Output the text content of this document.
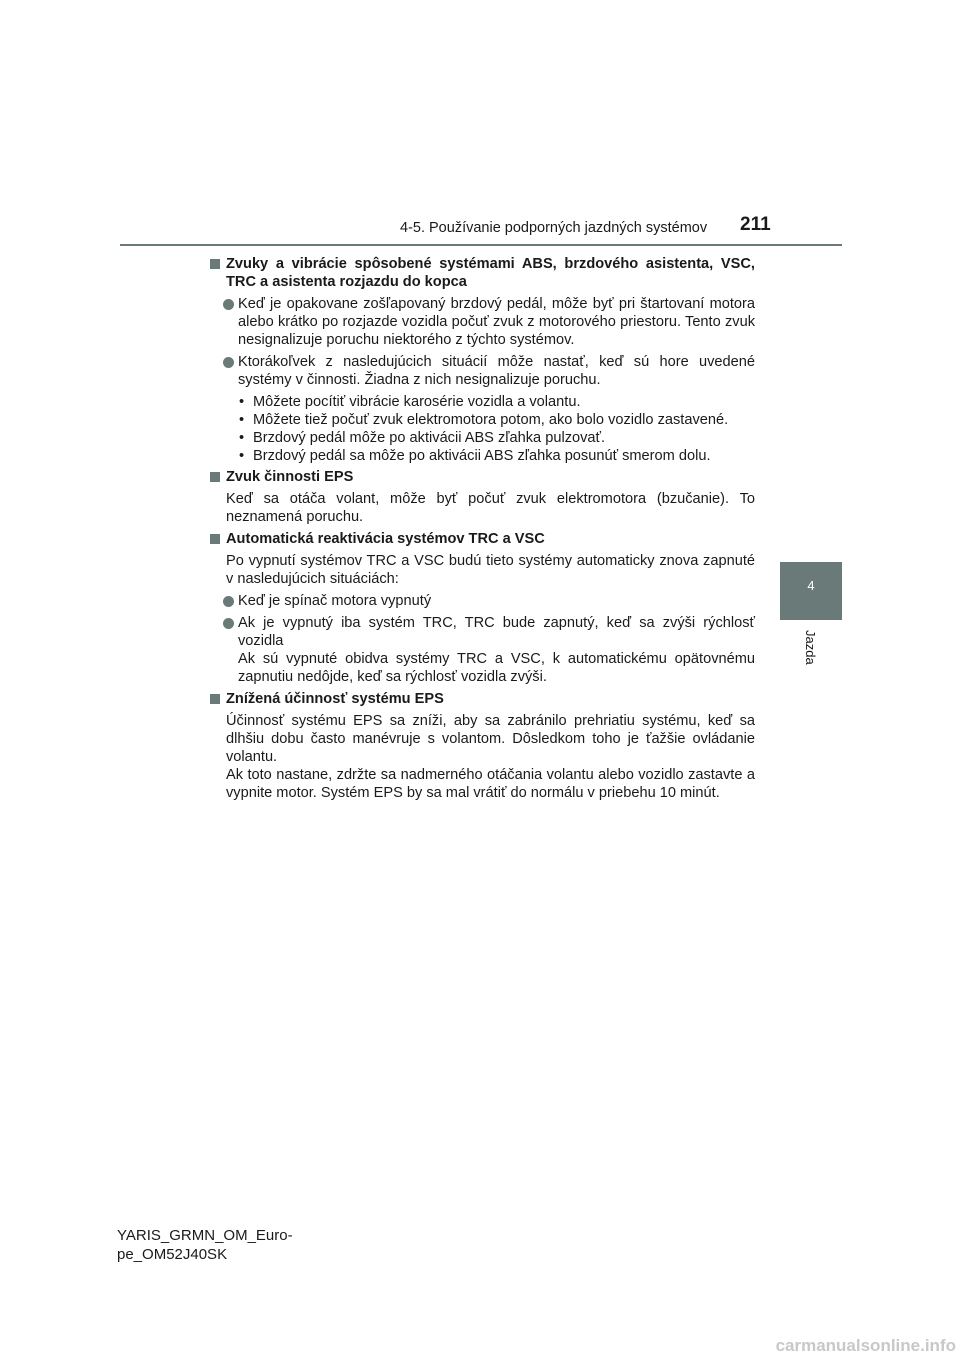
4-5. Používanie podporných jazdných systémov 211
4
Jazda
Zvuky a vibrácie spôsobené systémami ABS, brzdového asistenta, VSC, TRC a asistenta rozjazdu do kopca
Keď je opakovane zošľapovaný brzdový pedál, môže byť pri štartovaní motora alebo krátko po rozjazde vozidla počuť zvuk z motorového priestoru. Tento zvuk nesignalizuje poruchu niektorého z týchto systémov.
Ktorákoľvek z nasledujúcich situácií môže nastať, keď sú hore uvedené systémy v činnosti. Žiadna z nich nesignalizuje poruchu.
• Môžete pocítiť vibrácie karosérie vozidla a volantu.
• Môžete tiež počuť zvuk elektromotora potom, ako bolo vozidlo zastavené.
• Brzdový pedál môže po aktivácii ABS zľahka pulzovať.
• Brzdový pedál sa môže po aktivácii ABS zľahka posunúť smerom dolu.
Zvuk činnosti EPS
Keď sa otáča volant, môže byť počuť zvuk elektromotora (bzučanie). To neznamená poruchu.
Automatická reaktivácia systémov TRC a VSC
Po vypnutí systémov TRC a VSC budú tieto systémy automaticky znova zapnuté v nasledujúcich situáciách:
Keď je spínač motora vypnutý
Ak je vypnutý iba systém TRC, TRC bude zapnutý, keď sa zvýši rýchlosť vozidla
Ak sú vypnuté obidva systémy TRC a VSC, k automatickému opätovnému zapnutiu nedôjde, keď sa rýchlosť vozidla zvýši.
Znížená účinnosť systému EPS
Účinnosť systému EPS sa zníži, aby sa zabránilo prehriatiu systému, keď sa dlhšiu dobu často manévruje s volantom. Dôsledkom toho je ťažšie ovládanie volantu.
Ak toto nastane, zdržte sa nadmerného otáčania volantu alebo vozidlo zastavte a vypnite motor. Systém EPS by sa mal vrátiť do normálu v priebehu 10 minút.
YARIS_GRMN_OM_Euro-
pe_OM52J40SK
carmanualsonline.info
